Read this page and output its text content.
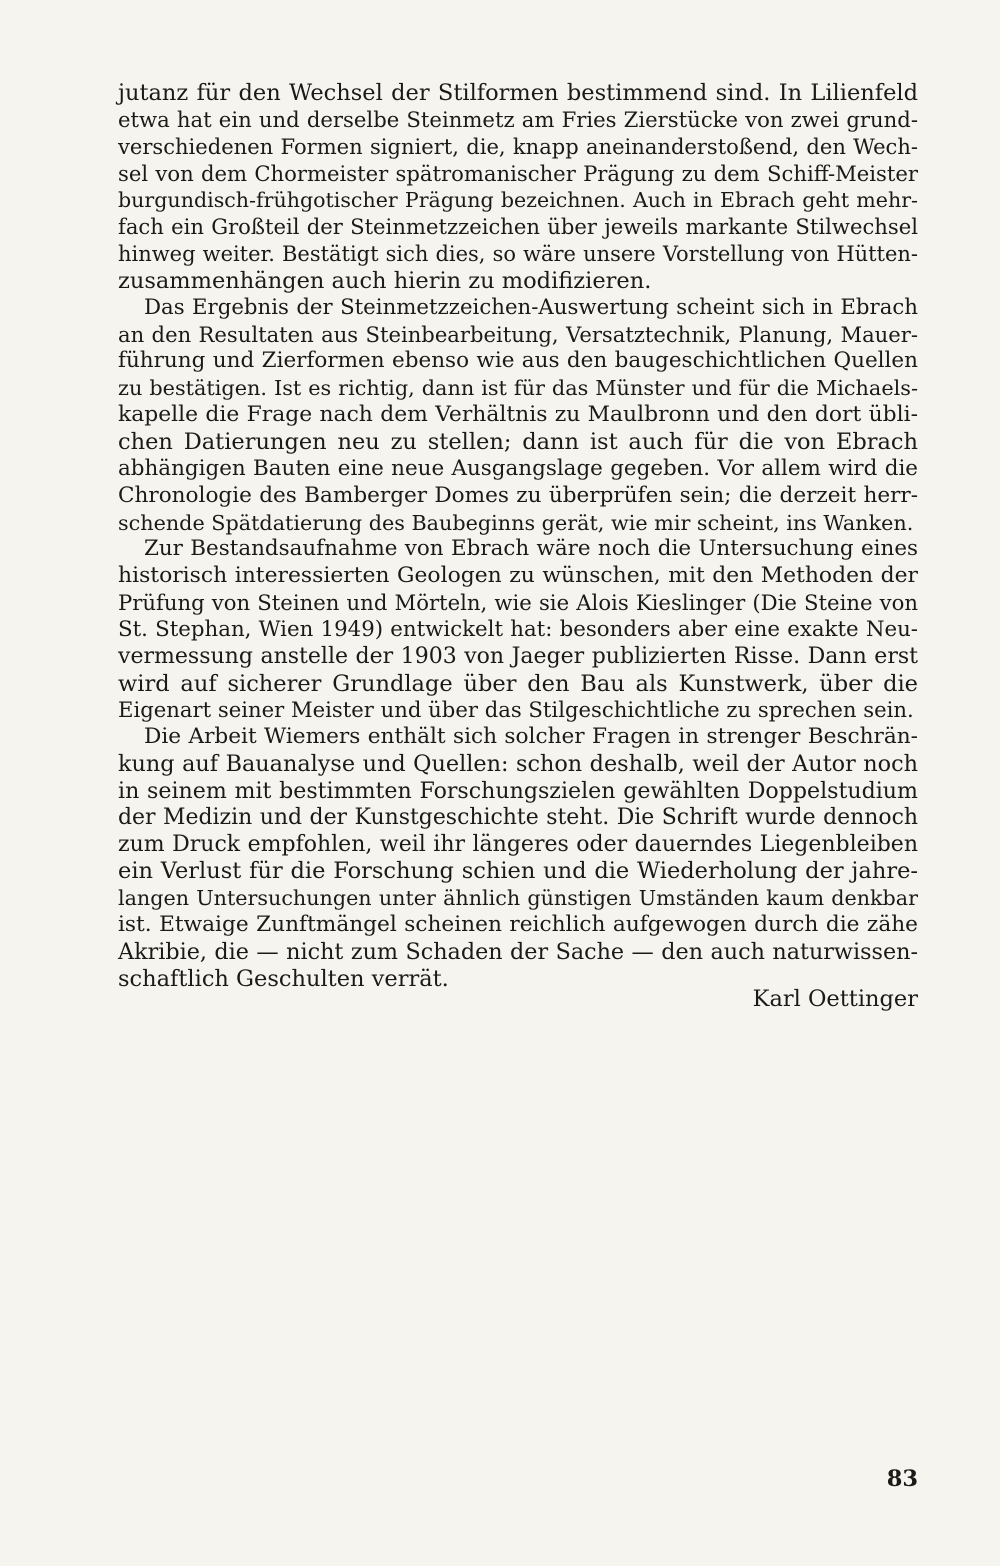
jutanz für den Wechsel der Stilformen bestimmend sind. In Lilienfeld
etwa hat ein und derselbe Steinmetz am Fries Zierstücke von zwei grund-
verschiedenen Formen signiert, die, knapp aneinanderstoßend, den Wech-
sel von dem Chormeister spätromanischer Prägung zu dem Schiff-Meister
burgundisch-frühgotischer Prägung bezeichnen. Auch in Ebrach geht mehr-
fach ein Großteil der Steinmetzzeichen über jeweils markante Stilwechsel
hinweg weiter. Bestätigt sich dies, so wäre unsere Vorstellung von Hütten-
zusammenhängen auch hierin zu modifizieren.
Das Ergebnis der Steinmetzzeichen-Auswertung scheint sich in Ebrach
an den Resultaten aus Steinbearbeitung, Versatztechnik, Planung, Mauer-
führung und Zierformen ebenso wie aus den baugeschichtlichen Quellen
zu bestätigen. Ist es richtig, dann ist für das Münster und für die Michaels-
kapelle die Frage nach dem Verhältnis zu Maulbronn und den dort übli-
chen Datierungen neu zu stellen; dann ist auch für die von Ebrach
abhängigen Bauten eine neue Ausgangslage gegeben. Vor allem wird die
Chronologie des Bamberger Domes zu überprüfen sein; die derzeit herr-
schende Spätdatierung des Baubeginns gerät, wie mir scheint, ins Wanken.
Zur Bestandsaufnahme von Ebrach wäre noch die Untersuchung eines
historisch interessierten Geologen zu wünschen, mit den Methoden der
Prüfung von Steinen und Mörteln, wie sie Alois Kieslinger (Die Steine von
St. Stephan, Wien 1949) entwickelt hat: besonders aber eine exakte Neu-
vermessung anstelle der 1903 von Jaeger publizierten Risse. Dann erst
wird auf sicherer Grundlage über den Bau als Kunstwerk, über die
Eigenart seiner Meister und über das Stilgeschichtliche zu sprechen sein.
Die Arbeit Wiemers enthält sich solcher Fragen in strenger Beschrän-
kung auf Bauanalyse und Quellen: schon deshalb, weil der Autor noch
in seinem mit bestimmten Forschungszielen gewählten Doppelstudium
der Medizin und der Kunstgeschichte steht. Die Schrift wurde dennoch
zum Druck empfohlen, weil ihr längeres oder dauerndes Liegenbleiben
ein Verlust für die Forschung schien und die Wiederholung der jahre-
langen Untersuchungen unter ähnlich günstigen Umständen kaum denkbar
ist. Etwaige Zunftmängel scheinen reichlich aufgewogen durch die zähe
Akribie, die — nicht zum Schaden der Sache — den auch naturwissen-
schaftlich Geschulten verrät.
Karl Oettinger
83
